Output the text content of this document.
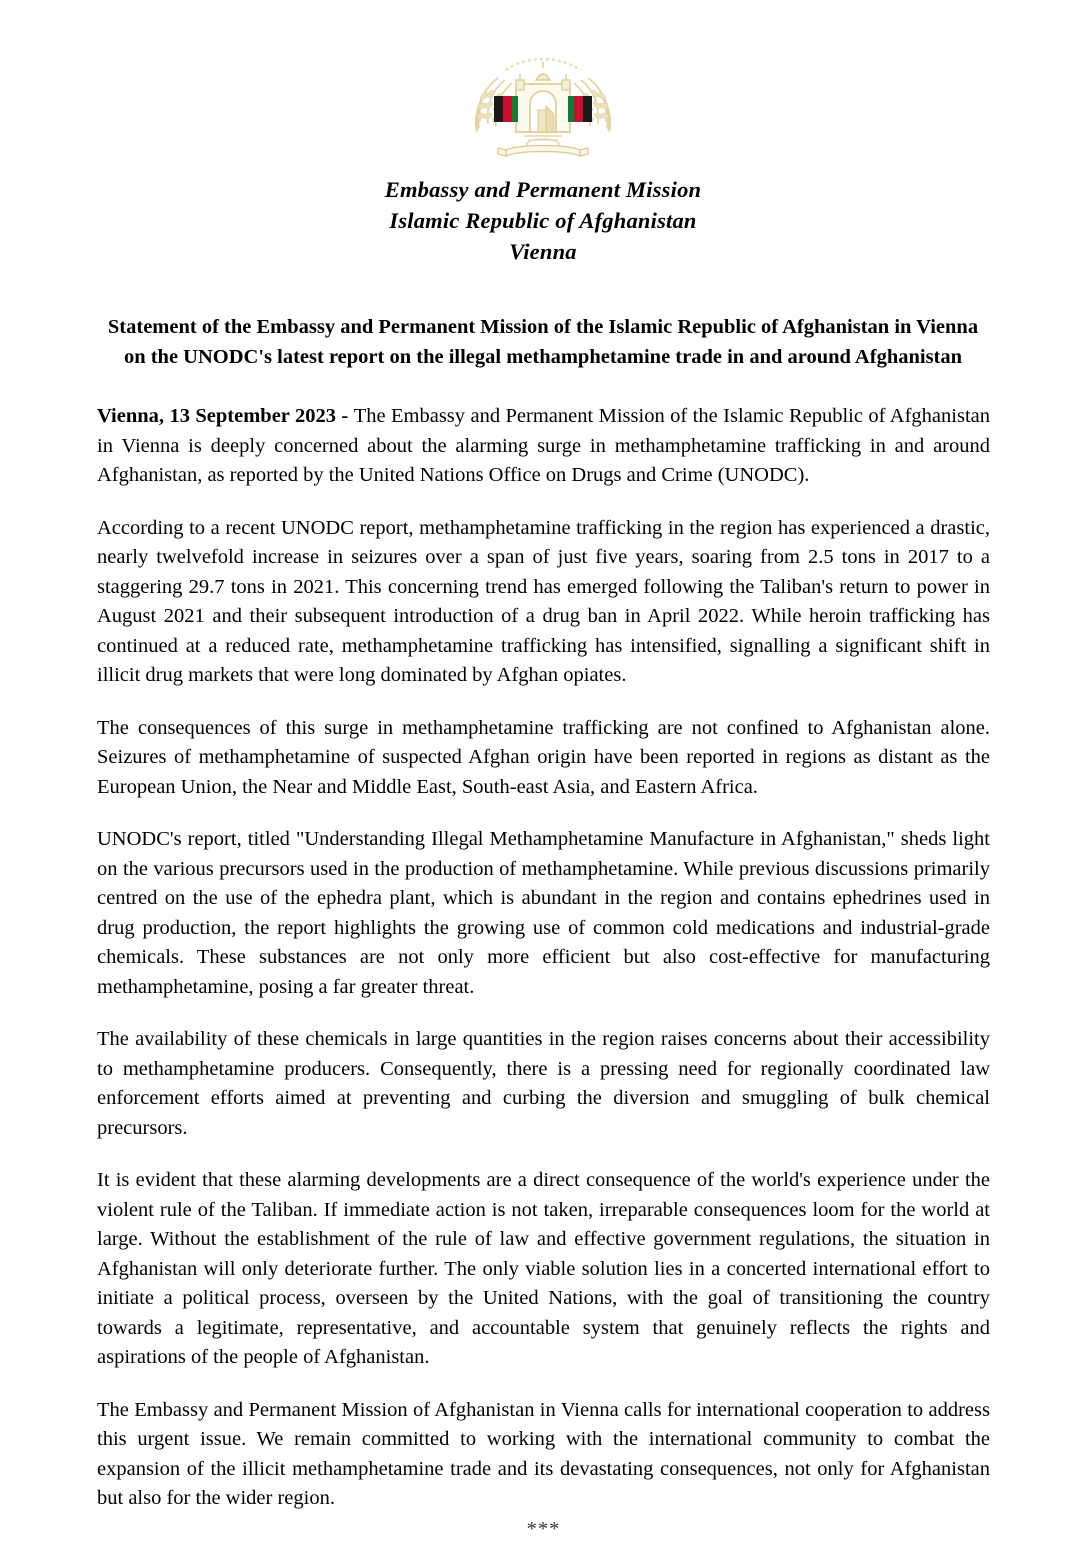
Embassy and Permanent Mission
Islamic Republic of Afghanistan
Vienna
Statement of the Embassy and Permanent Mission of the Islamic Republic of Afghanistan in Vienna on the UNODC's latest report on the illegal methamphetamine trade in and around Afghanistan

Vienna, 13 September 2023 - The Embassy and Permanent Mission of the Islamic Republic of Afghanistan in Vienna is deeply concerned about the alarming surge in methamphetamine trafficking in and around Afghanistan, as reported by the United Nations Office on Drugs and Crime (UNODC).

According to a recent UNODC report, methamphetamine trafficking in the region has experienced a drastic, nearly twelvefold increase in seizures over a span of just five years, soaring from 2.5 tons in 2017 to a staggering 29.7 tons in 2021. This concerning trend has emerged following the Taliban's return to power in August 2021 and their subsequent introduction of a drug ban in April 2022. While heroin trafficking has continued at a reduced rate, methamphetamine trafficking has intensified, signalling a significant shift in illicit drug markets that were long dominated by Afghan opiates.

The consequences of this surge in methamphetamine trafficking are not confined to Afghanistan alone. Seizures of methamphetamine of suspected Afghan origin have been reported in regions as distant as the European Union, the Near and Middle East, South-east Asia, and Eastern Africa.

UNODC's report, titled "Understanding Illegal Methamphetamine Manufacture in Afghanistan," sheds light on the various precursors used in the production of methamphetamine. While previous discussions primarily centred on the use of the ephedra plant, which is abundant in the region and contains ephedrines used in drug production, the report highlights the growing use of common cold medications and industrial-grade chemicals. These substances are not only more efficient but also cost-effective for manufacturing methamphetamine, posing a far greater threat.

The availability of these chemicals in large quantities in the region raises concerns about their accessibility to methamphetamine producers. Consequently, there is a pressing need for regionally coordinated law enforcement efforts aimed at preventing and curbing the diversion and smuggling of bulk chemical precursors.

It is evident that these alarming developments are a direct consequence of the world's experience under the violent rule of the Taliban. If immediate action is not taken, irreparable consequences loom for the world at large. Without the establishment of the rule of law and effective government regulations, the situation in Afghanistan will only deteriorate further. The only viable solution lies in a concerted international effort to initiate a political process, overseen by the United Nations, with the goal of transitioning the country towards a legitimate, representative, and accountable system that genuinely reflects the rights and aspirations of the people of Afghanistan.

The Embassy and Permanent Mission of Afghanistan in Vienna calls for international cooperation to address this urgent issue. We remain committed to working with the international community to combat the expansion of the illicit methamphetamine trade and its devastating consequences, not only for Afghanistan but also for the wider region.

***
